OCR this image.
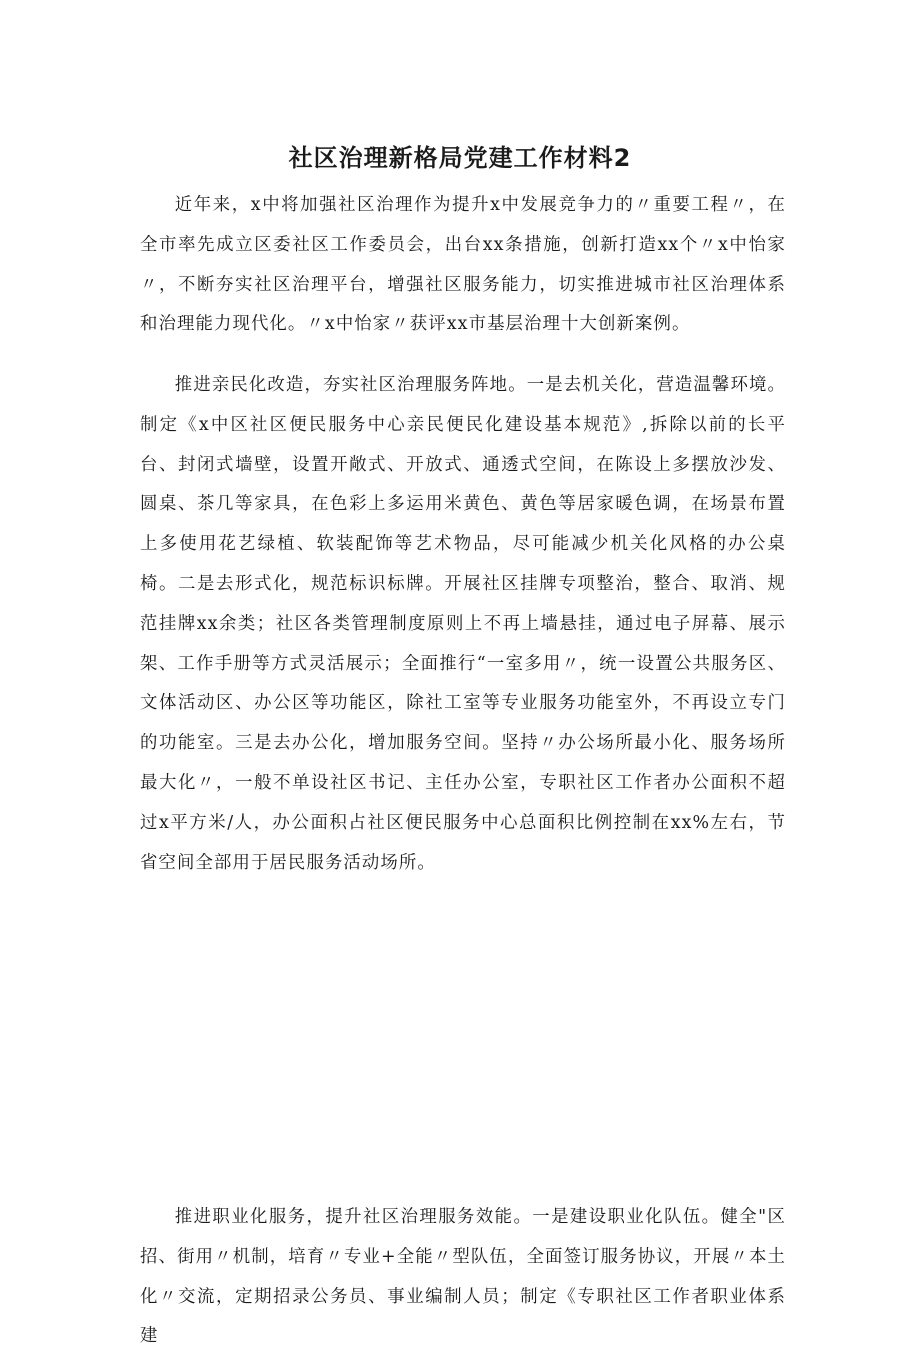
社区治理新格局党建工作材料2

近年来，x中将加强社区治理作为提升x中发展竞争力的〃重要工程〃，在全市率先成立区委社区工作委员会，出台xx条措施，创新打造xx个〃x中怡家〃，不断夯实社区治理平台，增强社区服务能力，切实推进城市社区治理体系和治理能力现代化。〃x中怡家〃获评xx市基层治理十大创新案例。

推进亲民化改造，夯实社区治理服务阵地。一是去机关化，营造温馨环境。制定《x中区社区便民服务中心亲民便民化建设基本规范》,拆除以前的长平台、封闭式墙壁，设置开敞式、开放式、通透式空间，在陈设上多摆放沙发、圆桌、茶几等家具，在色彩上多运用米黄色、黄色等居家暖色调，在场景布置上多使用花艺绿植、软装配饰等艺术物品，尽可能减少机关化风格的办公桌椅。二是去形式化，规范标识标牌。开展社区挂牌专项整治，整合、取消、规范挂牌xx余类；社区各类管理制度原则上不再上墙悬挂，通过电子屏幕、展示架、工作手册等方式灵活展示；全面推行“一室多用〃，统一设置公共服务区、文体活动区、办公区等功能区，除社工室等专业服务功能室外，不再设立专门的功能室。三是去办公化，增加服务空间。坚持〃办公场所最小化、服务场所最大化〃，一般不单设社区书记、主任办公室，专职社区工作者办公面积不超过x平方米/人，办公面积占社区便民服务中心总面积比例控制在xx%左右，节省空间全部用于居民服务活动场所。

推进职业化服务，提升社区治理服务效能。一是建设职业化队伍。健全"区招、街用〃机制，培育〃专业+全能〃型队伍，全面签订服务协议，开展〃本土化〃交流，定期招录公务员、事业编制人员；制定《专职社区工作者职业体系建
